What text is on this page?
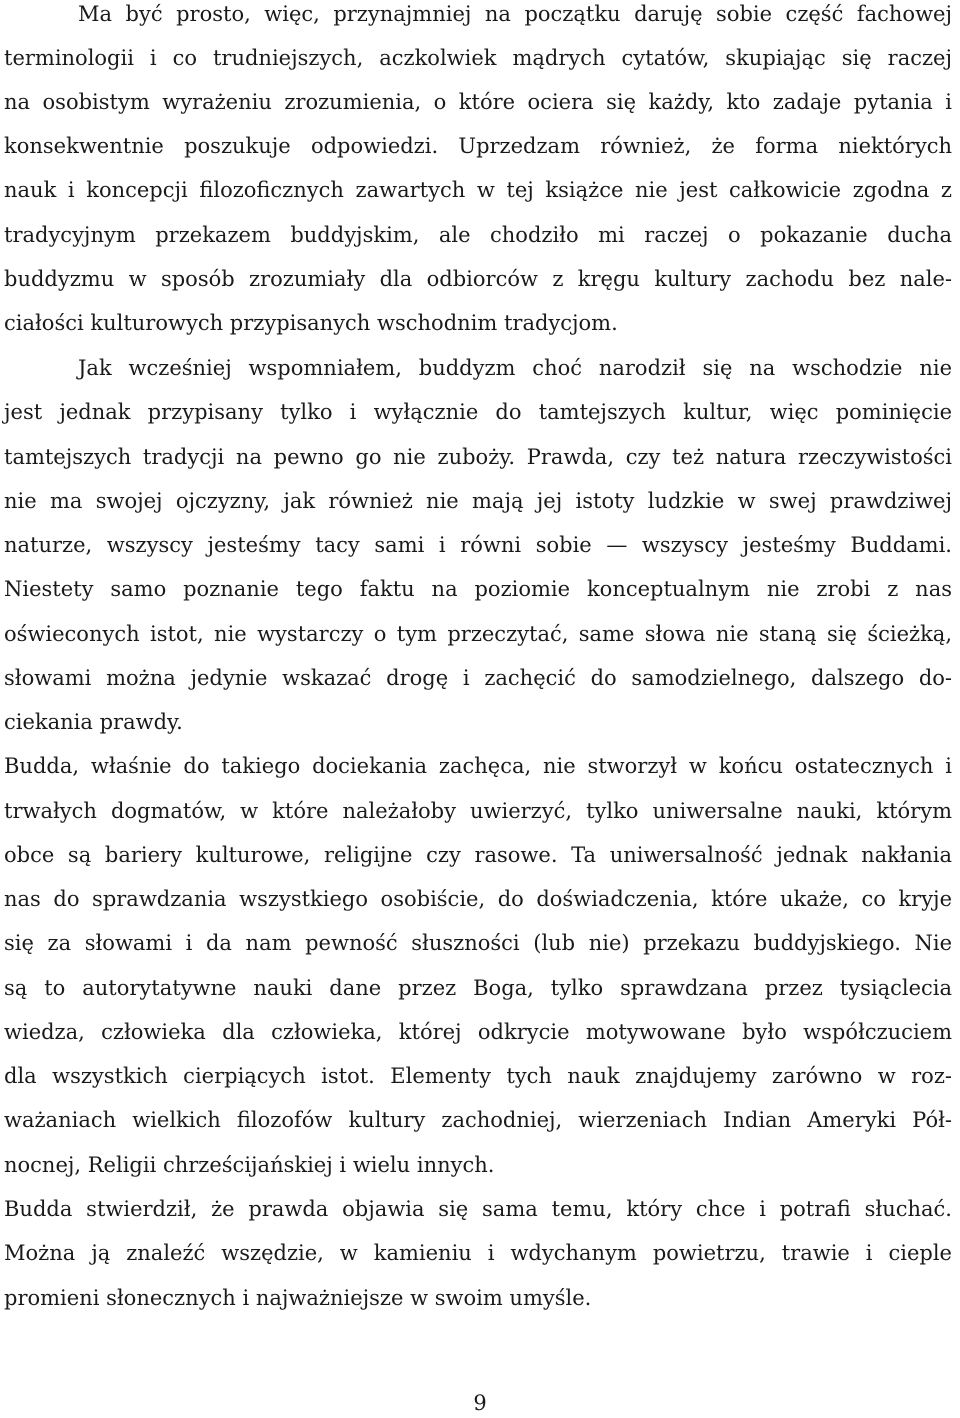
Ma być prosto, więc, przynajmniej na początku daruję sobie część fachowej
terminologii i co trudniejszych, aczkolwiek mądrych cytatów, skupiając się raczej
na osobistym wyrażeniu zrozumienia, o które ociera się każdy, kto zadaje pytania i
konsekwentnie poszukuje odpowiedzi. Uprzedzam również, że forma niektórych
nauk i koncepcji filozoficznych zawartych w tej książce nie jest całkowicie zgodna z
tradycyjnym przekazem buddyjskim, ale chodziło mi raczej o pokazanie ducha
buddyzmu w sposób zrozumiały dla odbiorców z kręgu kultury zachodu bez nale-
ciałości kulturowych przypisanych wschodnim tradycjom.
Jak wcześniej wspomniałem, buddyzm choć narodził się na wschodzie nie
jest jednak przypisany tylko i wyłącznie do tamtejszych kultur, więc pominięcie
tamtejszych tradycji na pewno go nie zuboży. Prawda, czy też natura rzeczywistości
nie ma swojej ojczyzny, jak również nie mają jej istoty ludzkie w swej prawdziwej
naturze, wszyscy jesteśmy tacy sami i równi sobie — wszyscy jesteśmy Buddami.
Niestety samo poznanie tego faktu na poziomie konceptualnym nie zrobi z nas
oświeconych istot, nie wystarczy o tym przeczytać, same słowa nie staną się ścieżką,
słowami można jedynie wskazać drogę i zachęcić do samodzielnego, dalszego do-
ciekania prawdy.
Budda, właśnie do takiego dociekania zachęca, nie stworzył w końcu ostatecznych i
trwałych dogmatów, w które należałoby uwierzyć, tylko uniwersalne nauki, którym
obce są bariery kulturowe, religijne czy rasowe. Ta uniwersalność jednak nakłania
nas do sprawdzania wszystkiego osobiście, do doświadczenia, które ukaże, co kryje
się za słowami i da nam pewność słuszności (lub nie) przekazu buddyjskiego. Nie
są to autorytatywne nauki dane przez Boga, tylko sprawdzana przez tysiąclecia
wiedza, człowieka dla człowieka, której odkrycie motywowane było współczuciem
dla wszystkich cierpiących istot. Elementy tych nauk znajdujemy zarówno w roz-
ważaniach wielkich filozofów kultury zachodniej, wierzeniach Indian Ameryki Pół-
nocnej, Religii chrześcijańskiej i wielu innych.
Budda stwierdził, że prawda objawia się sama temu, który chce i potrafi słuchać.
Można ją znaleźć wszędzie, w kamieniu i wdychanym powietrzu, trawie i cieple
promieni słonecznych i najważniejsze w swoim umyśle.
9
